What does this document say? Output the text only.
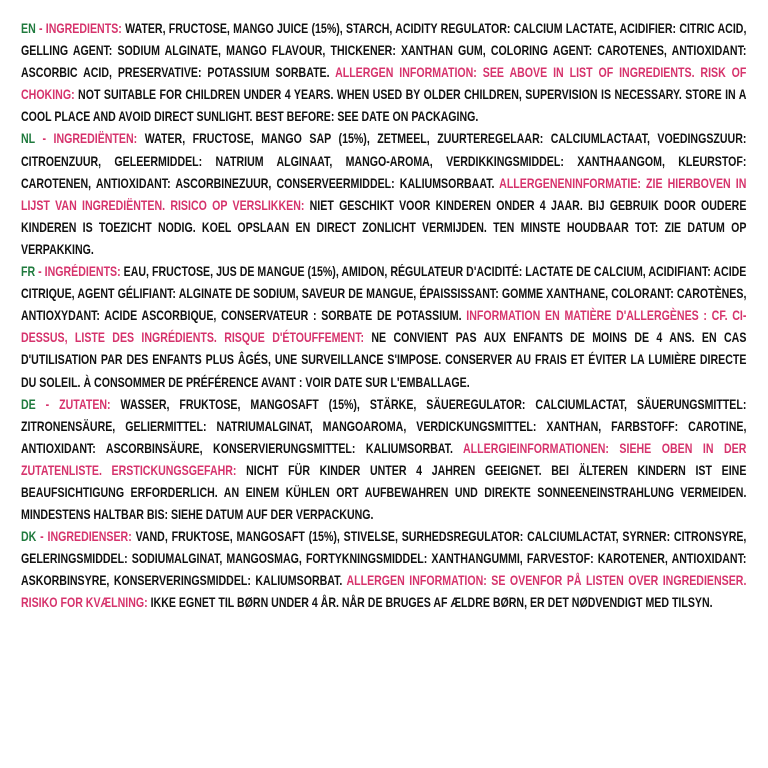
EN - INGREDIENTS: WATER, FRUCTOSE, MANGO JUICE (15%), STARCH, ACIDITY REGULATOR: CALCIUM LACTATE, ACIDIFIER: CITRIC ACID, GELLING AGENT: SODIUM ALGINATE, MANGO FLAVOUR, THICKENER: XANTHAN GUM, COLORING AGENT: CAROTENES, ANTIOXIDANT: ASCORBIC ACID, PRESERVATIVE: POTASSIUM SORBATE. ALLERGEN INFORMATION: SEE ABOVE IN LIST OF INGREDIENTS. RISK OF CHOKING: NOT SUITABLE FOR CHILDREN UNDER 4 YEARS. WHEN USED BY OLDER CHILDREN, SUPERVISION IS NECESSARY. STORE IN A COOL PLACE AND AVOID DIRECT SUNLIGHT. BEST BEFORE: SEE DATE ON PACKAGING.

NL - INGREDIËNTEN: WATER, FRUCTOSE, MANGO SAP (15%), ZETMEEL, ZUURTEREGELAAR: CALCIUMLACTAAT, VOEDINGSZUUR: CITROENZUUR, GELEERMIDDEL: NATRIUM ALGINAAT, MANGO-AROMA, VERDIKKINGSMIDDEL: XANTHAANGOM, KLEURSTOF: CAROTENEN, ANTIOXIDANT: ASCORBINEZUUR, CONSERVEERMIDDEL: KALIUMSORBAAT. ALLERGENENINFORMATIE: ZIE HIERBOVEN IN LIJST VAN INGREDIËNTEN. RISICO OP VERSLIKKEN: NIET GESCHIKT VOOR KINDEREN ONDER 4 JAAR. BIJ GEBRUIK DOOR OUDERE KINDEREN IS TOEZICHT NODIG. KOEL OPSLAAN EN DIRECT ZONLICHT VERMIJDEN. TEN MINSTE HOUDBAAR TOT: ZIE DATUM OP VERPAKKING.

FR - INGRÉDIENTS: EAU, FRUCTOSE, JUS DE MANGUE (15%), AMIDON, RÉGULATEUR D'ACIDITÉ: LACTATE DE CALCIUM, ACIDIFIANT: ACIDE CITRIQUE, AGENT GÉLIFIANT: ALGINATE DE SODIUM, SAVEUR DE MANGUE, ÉPAISSISSANT: GOMME XANTHANE, COLORANT: CAROTÈNES, ANTIOXYDANT: ACIDE ASCORBIQUE, CONSERVATEUR : SORBATE DE POTASSIUM. INFORMATION EN MATIÈRE D'ALLERGÈNES : CF. CI-DESSUS, LISTE DES INGRÉDIENTS. RISQUE D'ÉTOUFFEMENT: NE CONVIENT PAS AUX ENFANTS DE MOINS DE 4 ANS. EN CAS D'UTILISATION PAR DES ENFANTS PLUS ÂGÉS, UNE SURVEILLANCE S'IMPOSE. CONSERVER AU FRAIS ET ÉVITER LA LUMIÈRE DIRECTE DU SOLEIL. À CONSOMMER DE PRÉFÉRENCE AVANT : VOIR DATE SUR L'EMBALLAGE.

DE - ZUTATEN: WASSER, FRUKTOSE, MANGOSAFT (15%), STÄRKE, SÄUEREGULATOR: CALCIUMLACTAT, SÄUERUNGSMITTEL: ZITRONENSÄURE, GELIERMITTEL: NATRIUMALGINAT, MANGOAROMA, VERDICKUNGSMITTEL: XANTHAN, FARBSTOFF: CAROTINE, ANTIOXIDANT: ASCORBINSÄURE, KONSERVIERUNGSMITTEL: KALIUMSORBAT. ALLERGIEINFORMATIONEN: SIEHE OBEN IN DER ZUTATENLISTE. ERSTICKUNGSGEFAHR: NICHT FÜR KINDER UNTER 4 JAHREN GEEIGNET. BEI ÄLTEREN KINDERN IST EINE BEAUFSICHTIGUNG ERFORDERLICH. AN EINEM KÜHLEN ORT AUFBEWAHREN UND DIREKTE SONNEENEINSTRAHLUNG VERMEIDEN. MINDESTENS HALTBAR BIS: SIEHE DATUM AUF DER VERPACKUNG.

DK - INGREDIENSER: VAND, FRUKTOSE, MANGOSAFT (15%), STIVELSE, SURHEDSREGULATOR: CALCIUMLACTAT, SYRNER: CITRONSYRE, GELERINGSMIDDEL: SODIUMALGINAT, MANGOSMAG, FORTYKNINGSMIDDEL: XANTHANGUMMI, FARVESTOF: KAROTENER, ANTIOXIDANT: ASKORBINSYRE, KONSERVERINGSMIDDEL: KALIUMSORBAT. ALLERGEN INFORMATION: SE OVENFOR PÅ LISTEN OVER INGREDIENSER. RISIKO FOR KVÆLNING: IKKE EGNET TIL BØRN UNDER 4 ÅR. NÅR DE BRUGES AF ÆLDRE BØRN, ER DET NØDVENDIGT MED TILSYN.
